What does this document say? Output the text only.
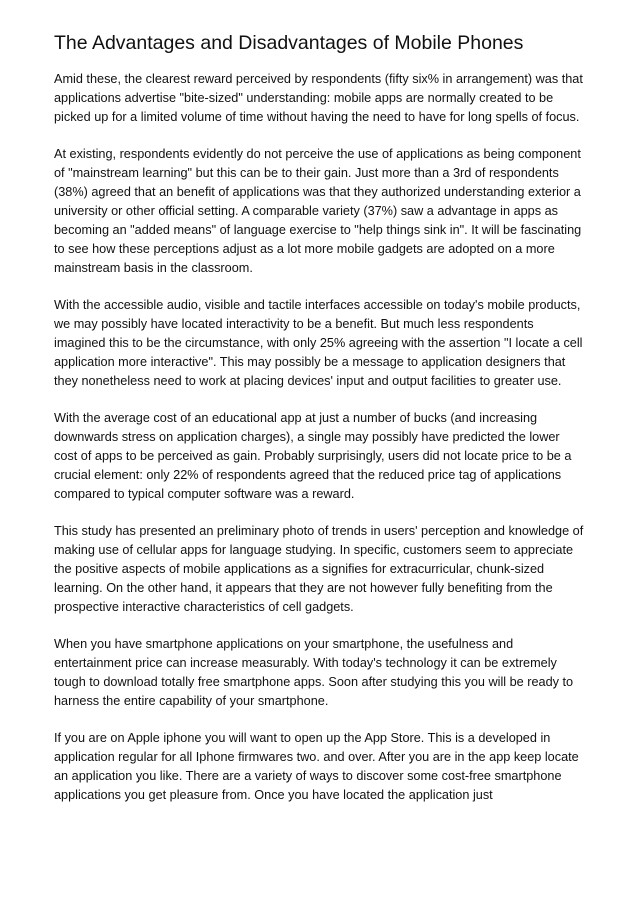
The Advantages and Disadvantages of Mobile Phones

Amid these, the clearest reward perceived by respondents (fifty six% in arrangement) was that applications advertise "bite-sized" understanding: mobile apps are normally created to be picked up for a limited volume of time without having the need to have for long spells of focus.

At existing, respondents evidently do not perceive the use of applications as being component of "mainstream learning" but this can be to their gain. Just more than a 3rd of respondents (38%) agreed that an benefit of applications was that they authorized understanding exterior a university or other official setting. A comparable variety (37%) saw a advantage in apps as becoming an "added means" of language exercise to "help things sink in". It will be fascinating to see how these perceptions adjust as a lot more mobile gadgets are adopted on a more mainstream basis in the classroom.

With the accessible audio, visible and tactile interfaces accessible on today's mobile products, we may possibly have located interactivity to be a benefit. But much less respondents imagined this to be the circumstance, with only 25% agreeing with the assertion "I locate a cell application more interactive". This may possibly be a message to application designers that they nonetheless need to work at placing devices' input and output facilities to greater use.

With the average cost of an educational app at just a number of bucks (and increasing downwards stress on application charges), a single may possibly have predicted the lower cost of apps to be perceived as gain. Probably surprisingly, users did not locate price to be a crucial element: only 22% of respondents agreed that the reduced price tag of applications compared to typical computer software was a reward.

This study has presented an preliminary photo of trends in users' perception and knowledge of making use of cellular apps for language studying. In specific, customers seem to appreciate the positive aspects of mobile applications as a signifies for extracurricular, chunk-sized learning. On the other hand, it appears that they are not however fully benefiting from the prospective interactive characteristics of cell gadgets.

When you have smartphone applications on your smartphone, the usefulness and entertainment price can increase measurably. With today's technology it can be extremely tough to download totally free smartphone apps. Soon after studying this you will be ready to harness the entire capability of your smartphone.

If you are on Apple iphone you will want to open up the App Store. This is a developed in application regular for all Iphone firmwares two. and over. After you are in the app keep locate an application you like. There are a variety of ways to discover some cost-free smartphone applications you get pleasure from. Once you have located the application just
